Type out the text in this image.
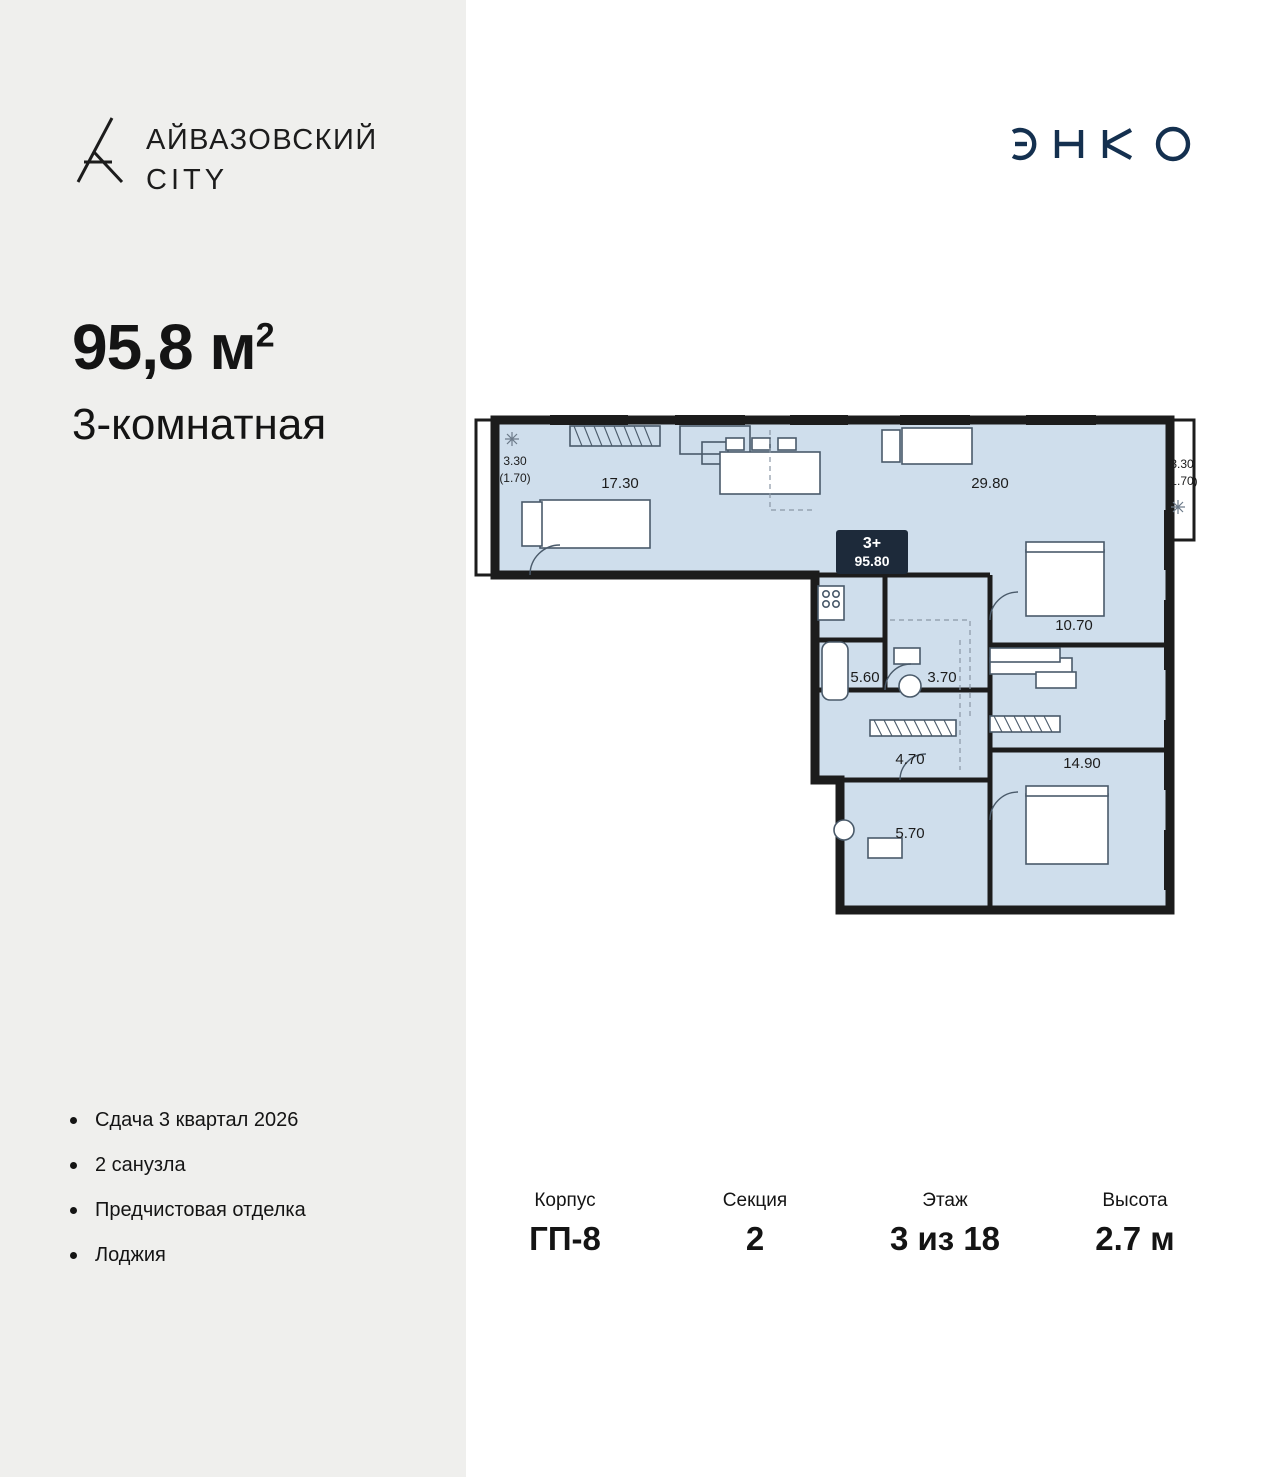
АЙВАЗОВСКИЙ
CITY
95,8 $м^2$
3-комнатная
Сдача 3 квартал 2026
2 санузла
Предчистовая отделка
Лоджия
3+
95.80
3.30
(1.70)	17.30	29.80
3.30
(1.70)
10.70
5.60	3.70
14.90
4.70
5.70
Корпус
ГП-8
Секция
2
Этаж
3 из 18
Высота
2.7 м
